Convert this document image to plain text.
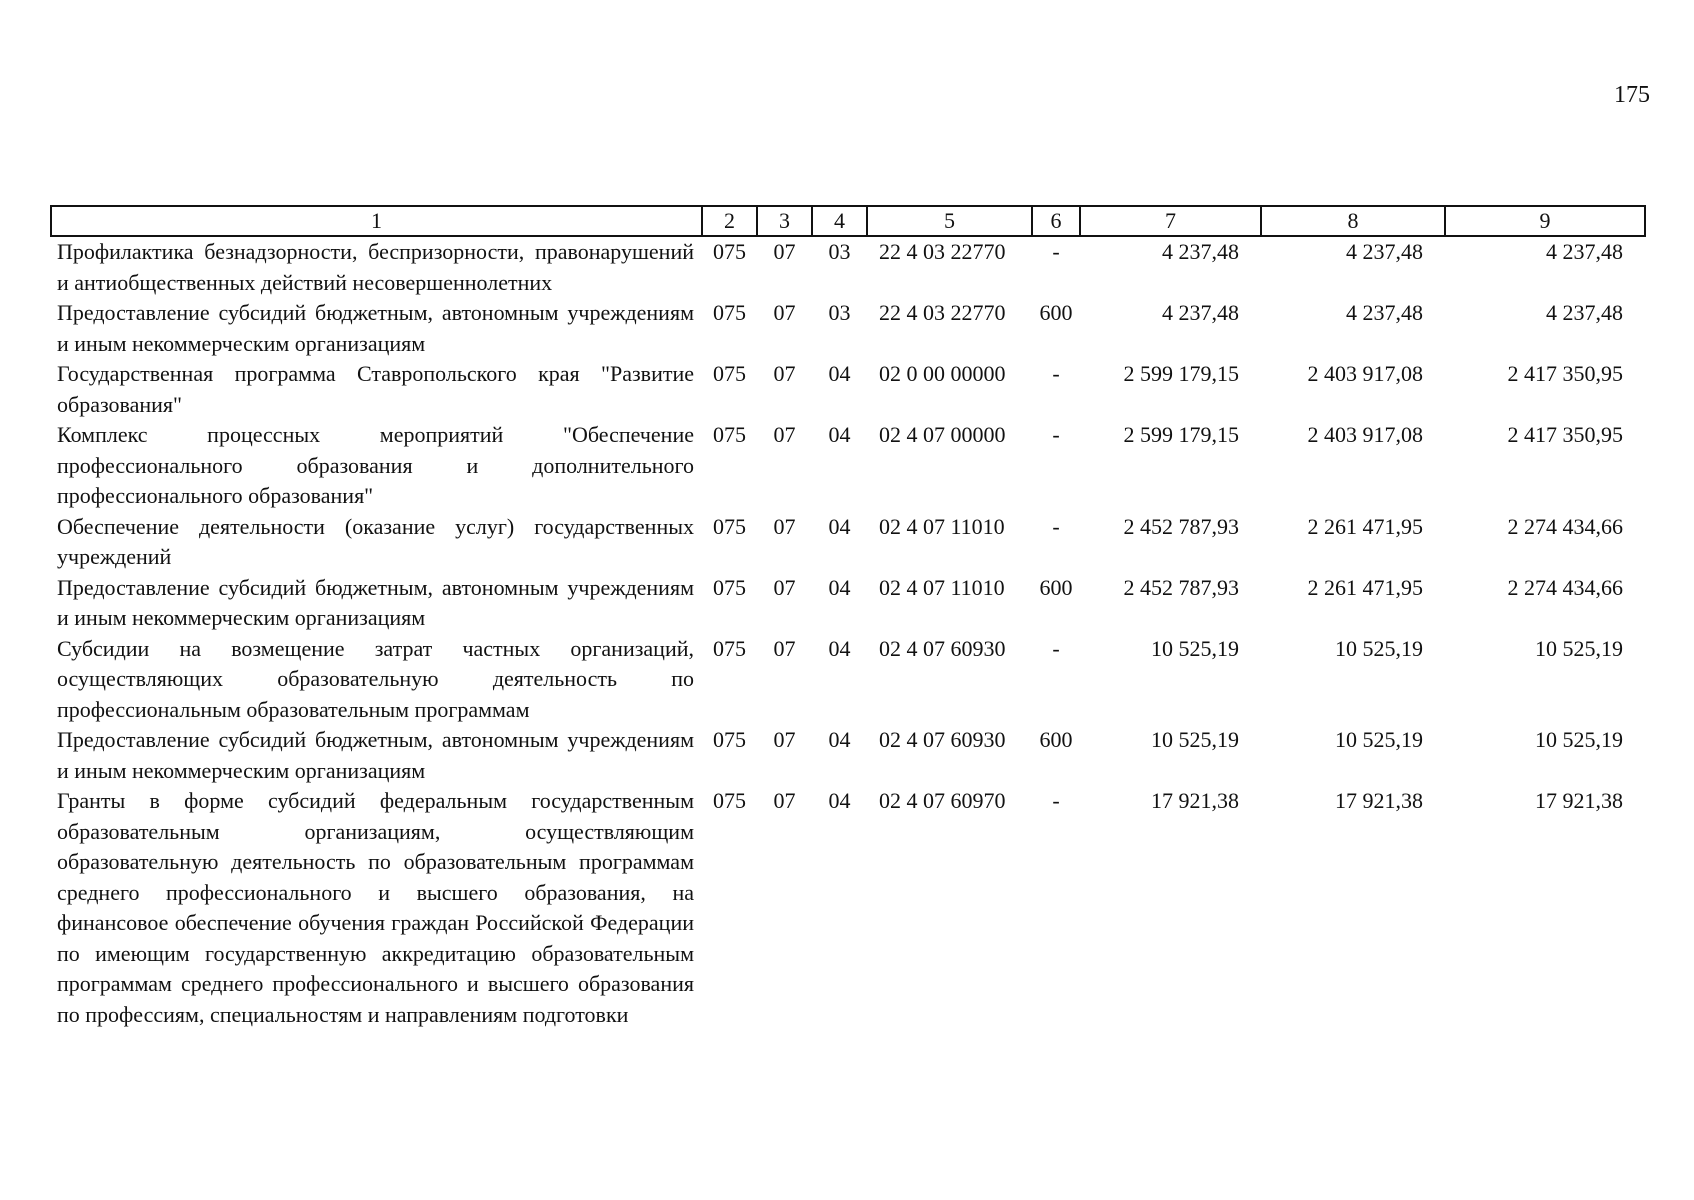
175
1	2	3	4	5	6	7	8	9
Профилактика безнадзорности, беспризорности, правонарушений и антиобщественных действий несовершеннолетних	075	07	03	22 4 03 22770	-	4 237,48	4 237,48	4 237,48
Предоставление субсидий бюджетным, автономным учреждениям и иным некоммерческим организациям	075	07	03	22 4 03 22770	600	4 237,48	4 237,48	4 237,48
Государственная программа Ставропольского края "Развитие образования"	075	07	04	02 0 00 00000	-	2 599 179,15	2 403 917,08	2 417 350,95
Комплекс процессных мероприятий "Обеспечение профессионального образования и дополнительного профессионального образования"	075	07	04	02 4 07 00000	-	2 599 179,15	2 403 917,08	2 417 350,95
Обеспечение деятельности (оказание услуг) государственных учреждений	075	07	04	02 4 07 11010	-	2 452 787,93	2 261 471,95	2 274 434,66
Предоставление субсидий бюджетным, автономным учреждениям и иным некоммерческим организациям	075	07	04	02 4 07 11010	600	2 452 787,93	2 261 471,95	2 274 434,66
Субсидии на возмещение затрат частных организаций, осуществляющих образовательную деятельность по профессиональным образовательным программам	075	07	04	02 4 07 60930	-	10 525,19	10 525,19	10 525,19
Предоставление субсидий бюджетным, автономным учреждениям и иным некоммерческим организациям	075	07	04	02 4 07 60930	600	10 525,19	10 525,19	10 525,19
Гранты в форме субсидий федеральным государственным образовательным организациям, осуществляющим образовательную деятельность по образовательным программам среднего профессионального и высшего образования, на финансовое обеспечение обучения граждан Российской Федерации по имеющим государственную аккредитацию образовательным программам среднего профессионального и высшего образования по профессиям, специальностям и направлениям подготовки	075	07	04	02 4 07 60970	-	17 921,38	17 921,38	17 921,38
